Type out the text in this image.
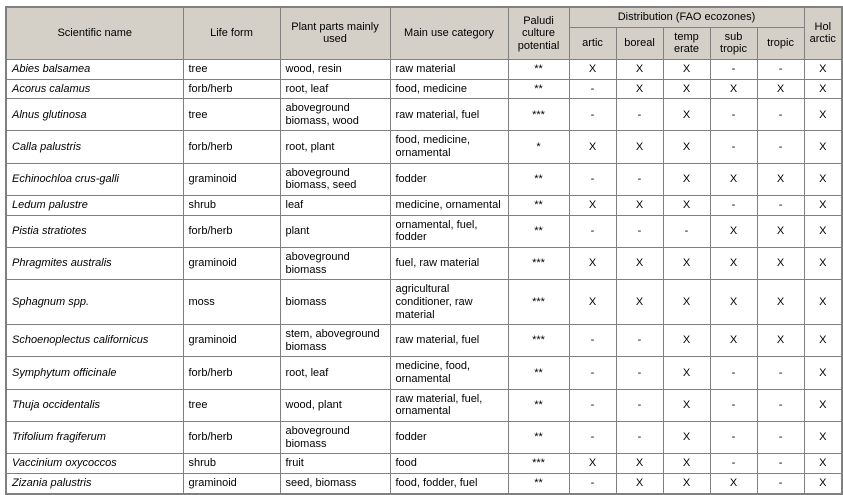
Scientific name	Life form	Plant parts mainly used	Main use category	Paludi culture potential	Distribution (FAO ecozones)					Hol arctic
					artic	boreal	temp erate	sub tropic	tropic	
Abies balsamea	tree	wood, resin	raw material	**	X	X	X	-	-	X
Acorus calamus	forb/herb	root, leaf	food, medicine	**	-	X	X	X	X	X
Alnus glutinosa	tree	aboveground biomass, wood	raw material, fuel	***	-	-	X	-	-	X
Calla palustris	forb/herb	root, plant	food, medicine, ornamental	*	X	X	X	-	-	X
Echinochloa crus-galli	graminoid	aboveground biomass, seed	fodder	**	-	-	X	X	X	X
Ledum palustre	shrub	leaf	medicine, ornamental	**	X	X	X	-	-	X
Pistia stratiotes	forb/herb	plant	ornamental, fuel, fodder	**	-	-	-	X	X	X
Phragmites australis	graminoid	aboveground biomass	fuel, raw material	***	X	X	X	X	X	X
Sphagnum spp.	moss	biomass	agricultural conditioner, raw material	***	X	X	X	X	X	X
Schoenoplectus californicus	graminoid	stem, aboveground biomass	raw material, fuel	***	-	-	X	X	X	X
Symphytum officinale	forb/herb	root, leaf	medicine, food, ornamental	**	-	-	X	-	-	X
Thuja occidentalis	tree	wood, plant	raw material, fuel, ornamental	**	-	-	X	-	-	X
Trifolium fragiferum	forb/herb	aboveground biomass	fodder	**	-	-	X	-	-	X
Vaccinium oxycoccos	shrub	fruit	food	***	X	X	X	-	-	X
Zizania palustris	graminoid	seed, biomass	food, fodder, fuel	**	-	X	X	X	-	X
